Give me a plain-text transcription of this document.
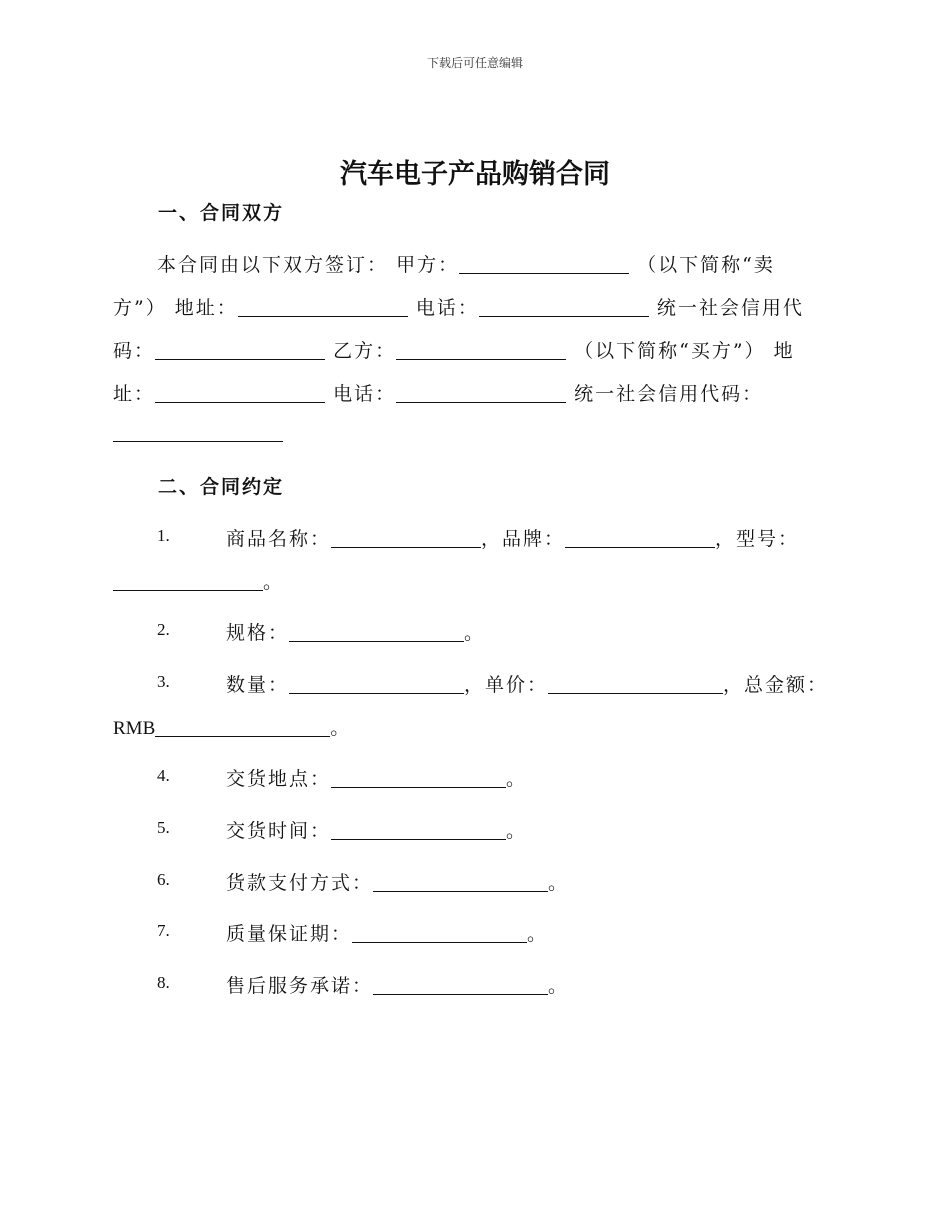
下载后可任意编辑
汽车电子产品购销合同
一、合同双方
本合同由以下双方签订： 甲方：	（以下简称“卖
方”） 地址：	电话：	统一社会信用代
码：	乙方：	（以下简称“买方”） 地
址：	电话：	统一社会信用代码：
二、合同约定
1.	商品名称：	，品牌：	，型号：
。
2.	规格：	。
3.	数量：	，单价：	，总金额：
RMB	。
4.	交货地点：	。
5.	交货时间：	。
6.	货款支付方式：	。
7.	质量保证期：	。
8.	售后服务承诺：	。
